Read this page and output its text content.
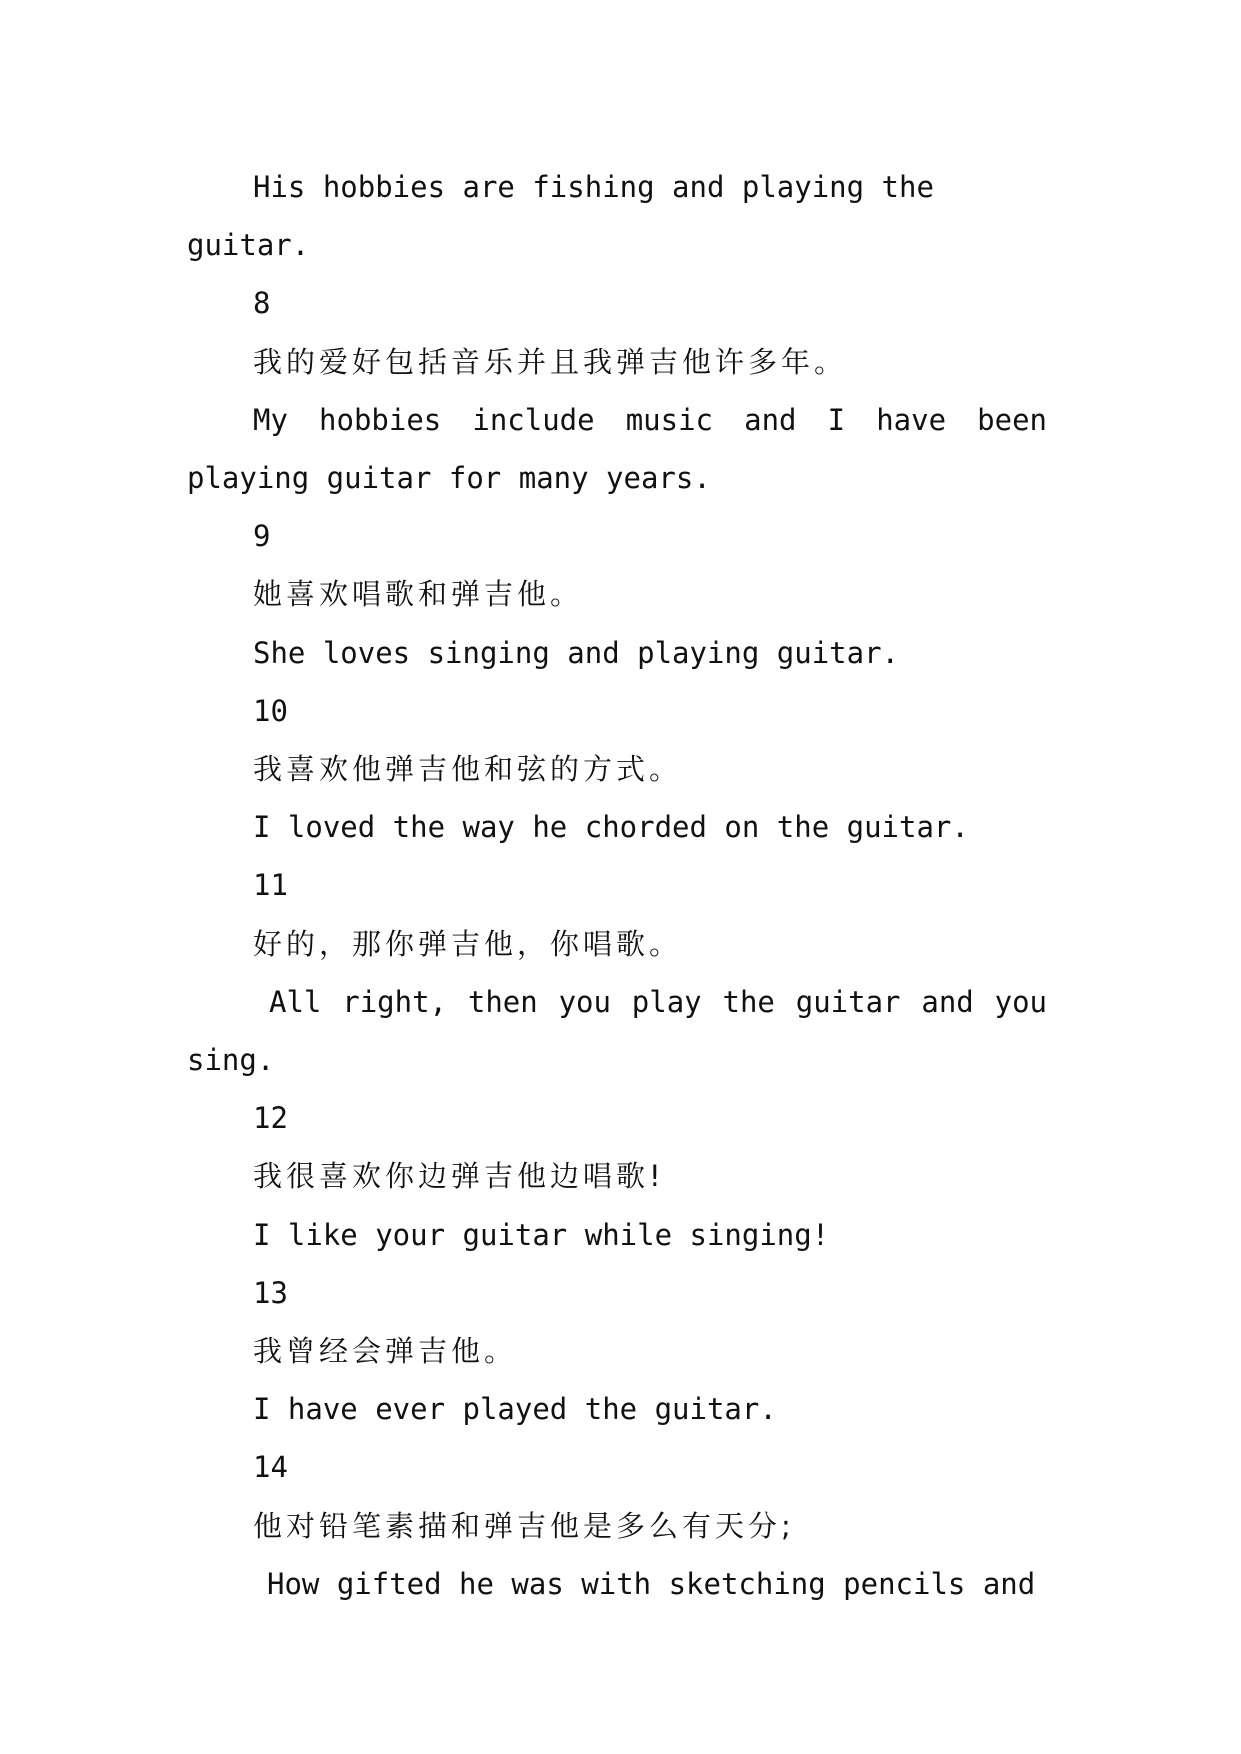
His hobbies are fishing and playing the guitar.

8

我的爱好包括音乐并且我弹吉他许多年。

My hobbies include music and I have been playing guitar for many years.

9

她喜欢唱歌和弹吉他。

She loves singing and playing guitar.

10

我喜欢他弹吉他和弦的方式。

I loved the way he chorded on the guitar.

11

好的，那你弹吉他，你唱歌。

All right, then you play the guitar and you sing.

12

我很喜欢你边弹吉他边唱歌!

I like your guitar while singing!

13

我曾经会弹吉他。

I have ever played the guitar.

14

他对铅笔素描和弹吉他是多么有天分;

How gifted he was with sketching pencils and
